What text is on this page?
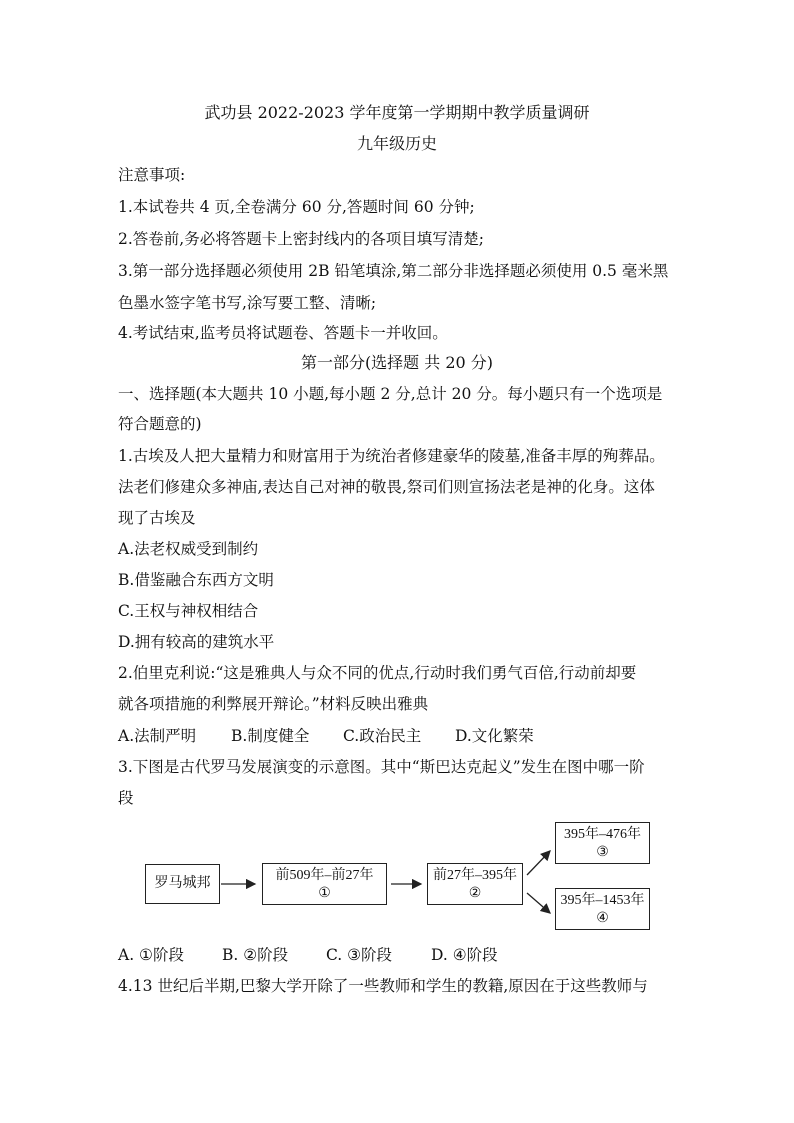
武功县 2022-2023 学年度第一学期期中教学质量调研
九年级历史
注意事项:
1.本试卷共 4 页,全卷满分 60 分,答题时间 60 分钟;
2.答卷前,务必将答题卡上密封线内的各项目填写清楚;
3.第一部分选择题必须使用 2B 铅笔填涂,第二部分非选择题必须使用 0.5 毫米黑
色墨水签字笔书写,涂写要工整、清晰;
4.考试结束,监考员将试题卷、答题卡一并收回。
第一部分(选择题 共 20 分)
一、选择题(本大题共 10 小题,每小题 2 分,总计 20 分。每小题只有一个选项是
符合题意的)
1.古埃及人把大量精力和财富用于为统治者修建豪华的陵墓,准备丰厚的殉葬品。
法老们修建众多神庙,表达自己对神的敬畏,祭司们则宣扬法老是神的化身。这体
现了古埃及
A.法老权威受到制约
B.借鉴融合东西方文明
C.王权与神权相结合
D.拥有较高的建筑水平
2.伯里克利说:“这是雅典人与众不同的优点,行动时我们勇气百倍,行动前却要
就各项措施的利弊展开辩论。”材料反映出雅典
A.法制严明 B.制度健全 C.政治民主 D.文化繁荣
3.下图是古代罗马发展演变的示意图。其中“斯巴达克起义”发生在图中哪一阶
段
罗马城邦
前509年–前27年
①
前27年–395年
②
395年–476年
③
395年–1453年
④
A. ①阶段 B. ②阶段 C. ③阶段	D. ④阶段
4.13 世纪后半期,巴黎大学开除了一些教师和学生的教籍,原因在于这些教师与
